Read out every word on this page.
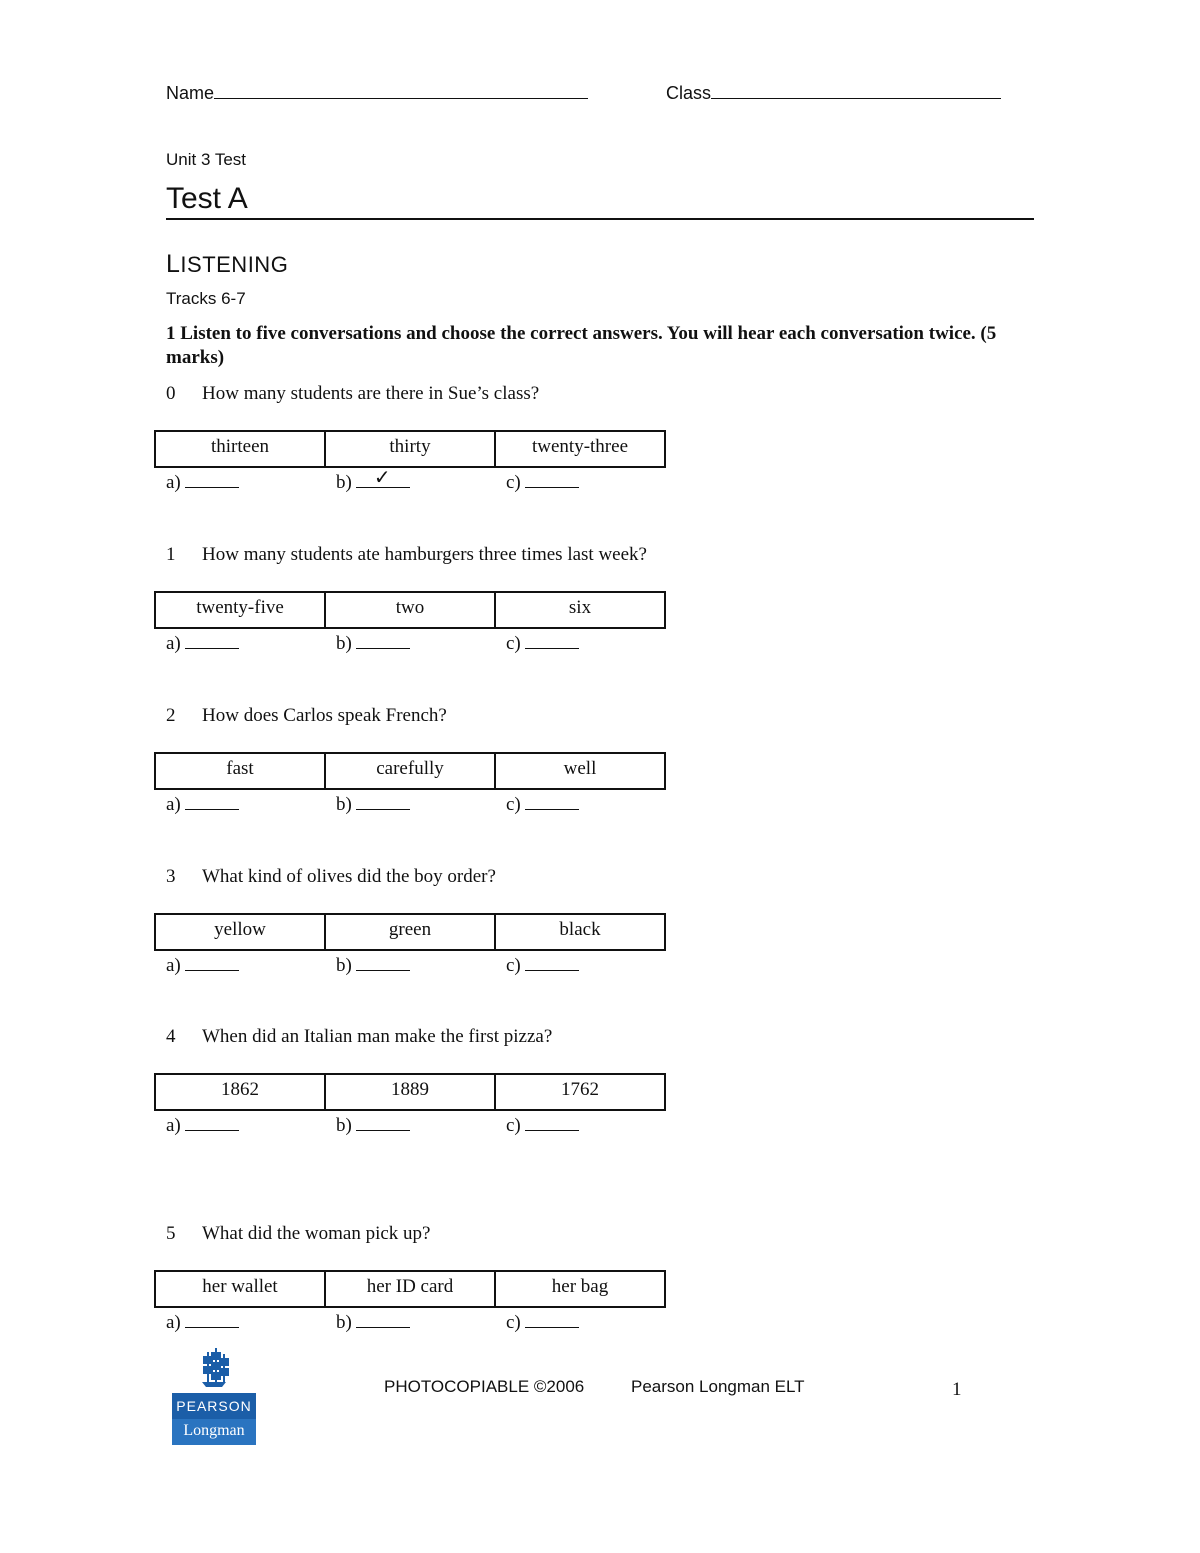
Name	Class
Unit 3 Test
Test A
LISTENING
Tracks 6-7
1 Listen to five conversations and choose the correct answers. You will hear each conversation twice. (5 marks)
0 How many students are there in Sue’s class?
thirteen	thirty	twenty-three
a)	b) ✓	c)
1 How many students ate hamburgers three times last week?
twenty-five	two	six
a)	b)	c)
2 How does Carlos speak French?
fast	carefully	well
a)	b)	c)
3 What kind of olives did the boy order?
yellow	green	black
a)	b)	c)
4 When did an Italian man make the first pizza?
1862	1889	1762
a)	b)	c)
5 What did the woman pick up?
her wallet	her ID card	her bag
a)	b)	c)
PEARSON
Longman
PHOTOCOPIABLE ©2006	Pearson Longman ELT	1
